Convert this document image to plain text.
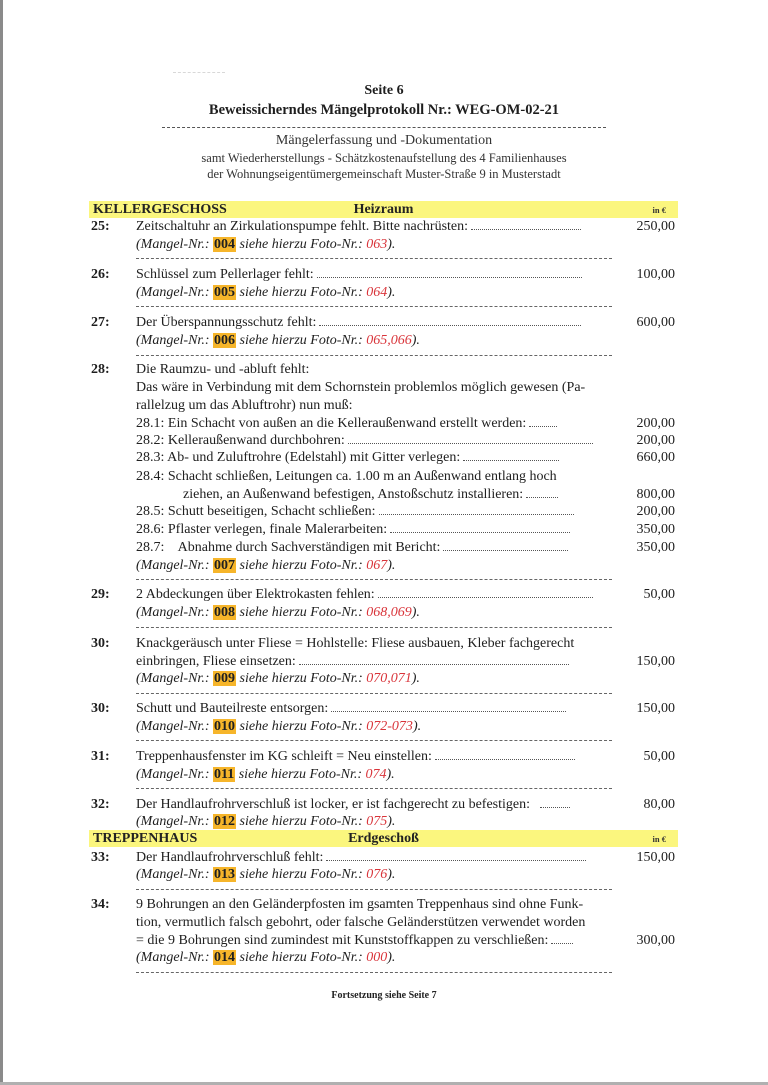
Seite 6
Beweissicherndes Mängelprotokoll Nr.: WEG-OM-02-21
Mängelerfassung und -Dokumentation
samt Wiederherstellungs - Schätzkostenaufstellung des 4 Familienhauses
der Wohnungseigentümergemeinschaft Muster-Straße 9 in Musterstadt
KELLERGESCHOSS	Heizraum	in €
25: Zeitschaltuhr an Zirkulationspumpe fehlt. Bitte nachrüsten:	250,00
(Mangel-Nr.: 004 siehe hierzu Foto-Nr.: 063).
26: Schlüssel zum Pellerlager fehlt:	100,00
(Mangel-Nr.: 005 siehe hierzu Foto-Nr.: 064).
27: Der Überspannungsschutz fehlt:	600,00
(Mangel-Nr.: 006 siehe hierzu Foto-Nr.: 065,066).
28: Die Raumzu- und -abluft fehlt:
Das wäre in Verbindung mit dem Schornstein problemlos möglich gewesen (Pa-
rallelzug um das Abluftrohr) nun muß:
28.1: Ein Schacht von außen an die Kelleraußenwand erstellt werden:	200,00
28.2: Kelleraußenwand durchbohren:	200,00
28.3: Ab- und Zuluftrohre (Edelstahl) mit Gitter verlegen:	660,00
28.4: Schacht schließen, Leitungen ca. 1.00 m an Außenwand entlang hoch
ziehen, an Außenwand befestigen, Anstoßschutz installieren:	800,00
28.5: Schutt beseitigen, Schacht schließen:	200,00
28.6: Pflaster verlegen, finale Malerarbeiten:	350,00
28.7:    Abnahme durch Sachverständigen mit Bericht:	350,00
(Mangel-Nr.: 007 siehe hierzu Foto-Nr.: 067).
29: 2 Abdeckungen über Elektrokasten fehlen:	50,00
(Mangel-Nr.: 008 siehe hierzu Foto-Nr.: 068,069).
30: Knackgeräusch unter Fliese = Hohlstelle: Fliese ausbauen, Kleber fachgerecht
einbringen, Fliese einsetzen:	150,00
(Mangel-Nr.: 009 siehe hierzu Foto-Nr.: 070,071).
30: Schutt und Bauteilreste entsorgen:	150,00
(Mangel-Nr.: 010 siehe hierzu Foto-Nr.: 072-073).
31: Treppenhausfenster im KG schleift = Neu einstellen:	50,00
(Mangel-Nr.: 011 siehe hierzu Foto-Nr.: 074).
32: Der Handlaufrohrverschluß ist locker, er ist fachgerecht zu befestigen:	80,00
(Mangel-Nr.: 012 siehe hierzu Foto-Nr.: 075).
TREPPENHAUS	Erdgeschoß	in €
33: Der Handlaufrohrverschluß fehlt:	150,00
(Mangel-Nr.: 013 siehe hierzu Foto-Nr.: 076).
34: 9 Bohrungen an den Geländerpfosten im gsamten Treppenhaus sind ohne Funk-
tion, vermutlich falsch gebohrt, oder falsche Geländerstützen verwendet worden
= die 9 Bohrungen sind zumindest mit Kunststoffkappen zu verschließen:	300,00
(Mangel-Nr.: 014 siehe hierzu Foto-Nr.: 000).
Fortsetzung siehe Seite 7
